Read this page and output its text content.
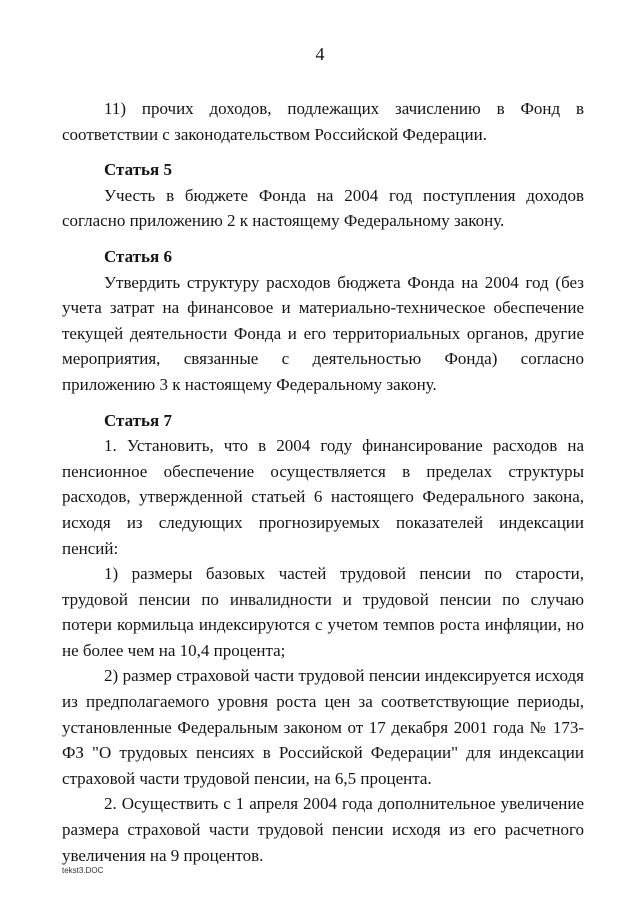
4

11) прочих доходов, подлежащих зачислению в Фонд в соответствии с законодательством Российской Федерации.

Статья 5

Учесть в бюджете Фонда на 2004 год поступления доходов согласно приложению 2 к настоящему Федеральному закону.

Статья 6

Утвердить структуру расходов бюджета Фонда на 2004 год (без учета затрат на финансовое и материально-техническое обеспечение текущей деятельности Фонда и его территориальных органов, другие мероприятия, связанные с деятельностью Фонда) согласно приложению 3 к настоящему Федеральному закону.

Статья 7

1. Установить, что в 2004 году финансирование расходов на пенсионное обеспечение осуществляется в пределах структуры расходов, утвержденной статьей 6 настоящего Федерального закона, исходя из следующих прогнозируемых показателей индексации пенсий:

1) размеры базовых частей трудовой пенсии по старости, трудовой пенсии по инвалидности и трудовой пенсии по случаю потери кормильца индексируются с учетом темпов роста инфляции, но не более чем на 10,4 процента;

2) размер страховой части трудовой пенсии индексируется исходя из предполагаемого уровня роста цен за соответствующие периоды, установленные Федеральным законом от 17 декабря 2001 года № 173-ФЗ "О трудовых пенсиях в Российской Федерации" для индексации страховой части трудовой пенсии, на 6,5 процента.

2. Осуществить с 1 апреля 2004 года дополнительное увеличение размера страховой части трудовой пенсии исходя из его расчетного увеличения на 9 процентов.

tekst3.DOC
